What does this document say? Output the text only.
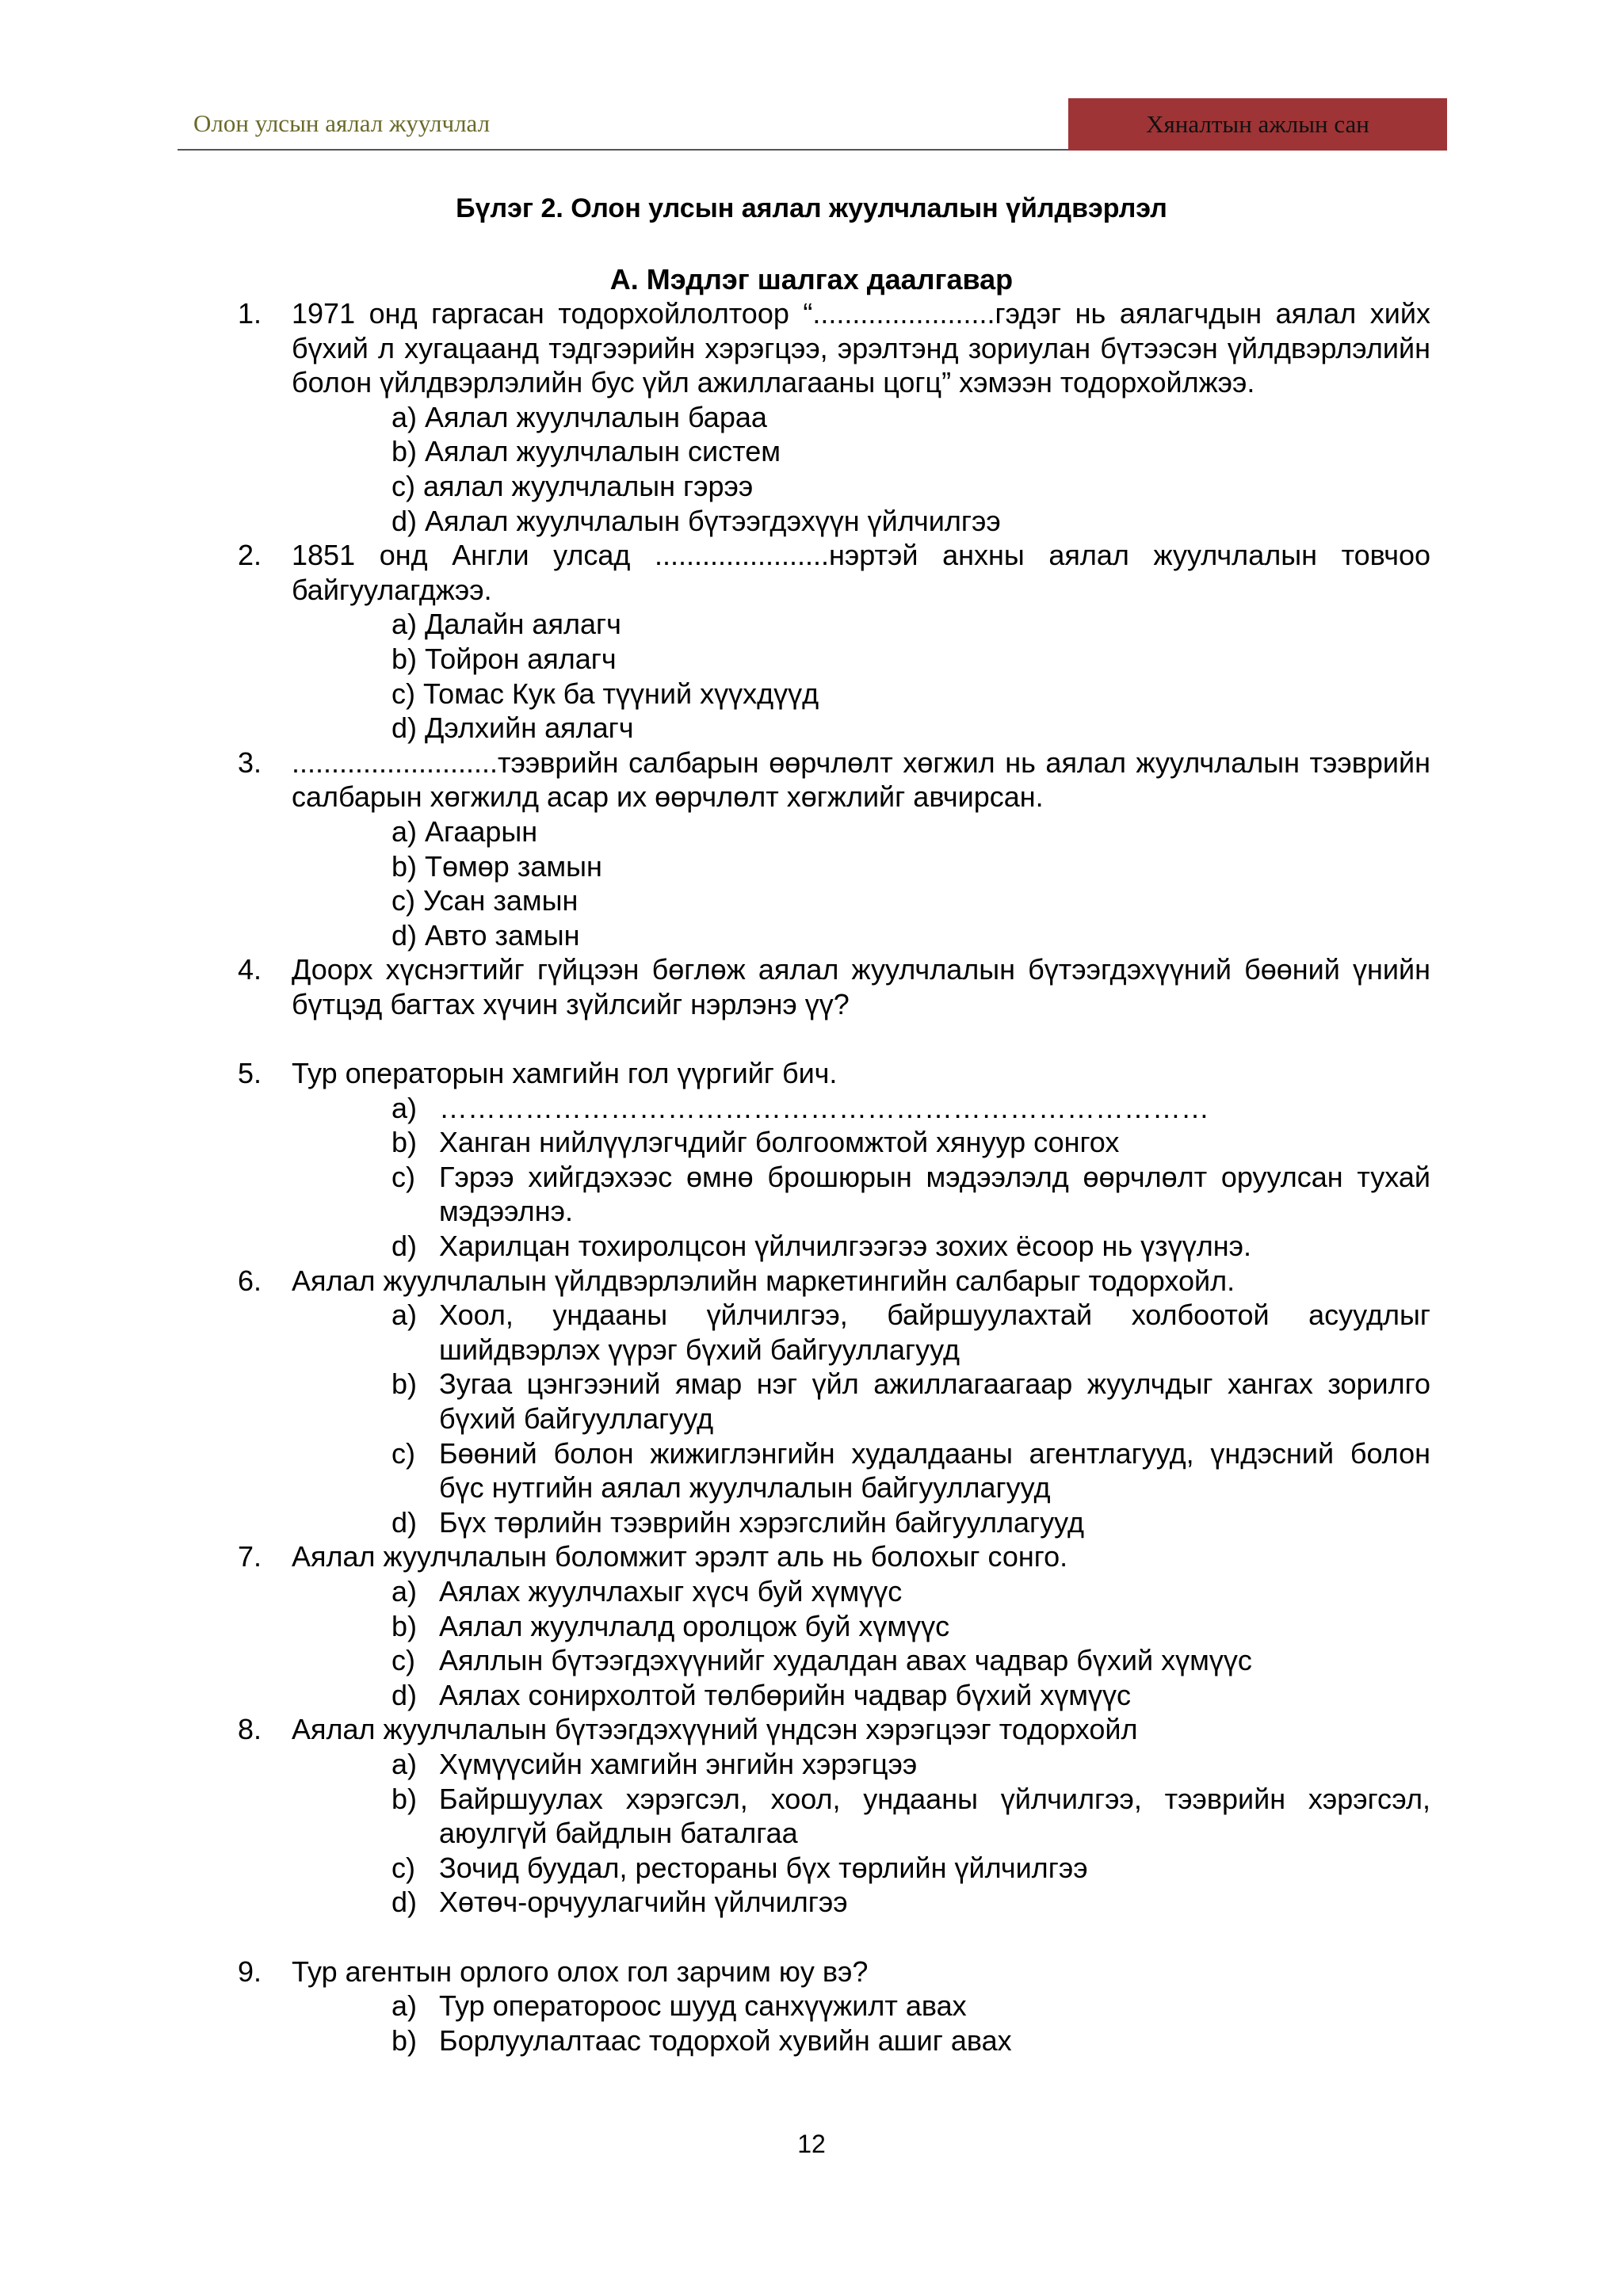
Олон улсын аялал жуулчлал	Хяналтын ажлын сан
Бүлэг 2. Олон улсын аялал жуулчлалын үйлдвэрлэл
А. Мэдлэг шалгах даалгавар
1. 1971 онд гаргасан тодорхойлолтоор “.......................гэдэг нь аялагчдын аялал хийх бүхий л хугацаанд тэдгээрийн хэрэгцээ, эрэлтэнд зориулан бүтээсэн үйлдвэрлэлийн болон үйлдвэрлэлийн бус үйл ажиллагааны цогц” хэмээн тодорхойлжээ.
a) Аялал жуулчлалын бараа
b) Аялал жуулчлалын систем
c) аялал жуулчлалын гэрээ
d) Аялал жуулчлалын бүтээгдэхүүн үйлчилгээ
2. 1851 онд Англи улсад ......................нэртэй анхны аялал жуулчлалын товчоо байгуулагджээ.
a) Далайн аялагч
b) Тойрон аялагч
c) Томас Кук ба түүний хүүхдүүд
d) Дэлхийн аялагч
3. ..........................тээврийн салбарын өөрчлөлт хөгжил нь аялал жуулчлалын тээврийн салбарын хөгжилд асар их өөрчлөлт хөгжлийг авчирсан.
a) Агаарын
b) Төмөр замын
c) Усан замын
d) Авто замын
4. Доорх хүснэгтийг гүйцээн бөглөж аялал жуулчлалын бүтээгдэхүүний бөөний үнийн бүтцэд багтах хүчин зүйлсийг нэрлэнэ үү?
5. Тур операторын хамгийн гол үүргийг бич.
a) ………………………………………………………………………
b) Ханган нийлүүлэгчдийг болгоомжтой хянуур сонгох
c) Гэрээ хийгдэхээс өмнө брошюрын мэдээлэлд өөрчлөлт оруулсан тухай мэдээлнэ.
d) Харилцан тохиролцсон үйлчилгээгээ зохих ёсоор нь үзүүлнэ.
6. Аялал жуулчлалын үйлдвэрлэлийн маркетингийн салбарыг тодорхойл.
a) Хоол, ундааны үйлчилгээ, байршуулахтай холбоотой асуудлыг шийдвэрлэх үүрэг бүхий байгууллагууд
b) Зугаа цэнгээний ямар нэг үйл ажиллагаагаар жуулчдыг хангах зорилго бүхий байгууллагууд
c) Бөөний болон жижиглэнгийн худалдааны агентлагууд, үндэсний болон бүс нутгийн аялал жуулчлалын байгууллагууд
d) Бүх төрлийн тээврийн хэрэгслийн байгууллагууд
7. Аялал жуулчлалын боломжит эрэлт аль нь болохыг сонго.
a) Аялах жуулчлахыг хүсч буй хүмүүс
b) Аялал жуулчлалд оролцож буй хүмүүс
c) Аяллын бүтээгдэхүүнийг худалдан авах чадвар бүхий хүмүүс
d) Аялах сонирхолтой төлбөрийн чадвар бүхий хүмүүс
8. Аялал жуулчлалын бүтээгдэхүүний үндсэн хэрэгцээг тодорхойл
a) Хүмүүсийн хамгийн энгийн хэрэгцээ
b) Байршуулах хэрэгсэл, хоол, ундааны үйлчилгээ, тээврийн хэрэгсэл, аюулгүй байдлын баталгаа
c) Зочид буудал, рестораны бүх төрлийн үйлчилгээ
d) Хөтөч-орчуулагчийн үйлчилгээ
9. Тур агентын орлого олох гол зарчим юу вэ?
a) Тур оператороос шууд санхүүжилт авах
b) Борлуулалтаас тодорхой хувийн ашиг авах
12
